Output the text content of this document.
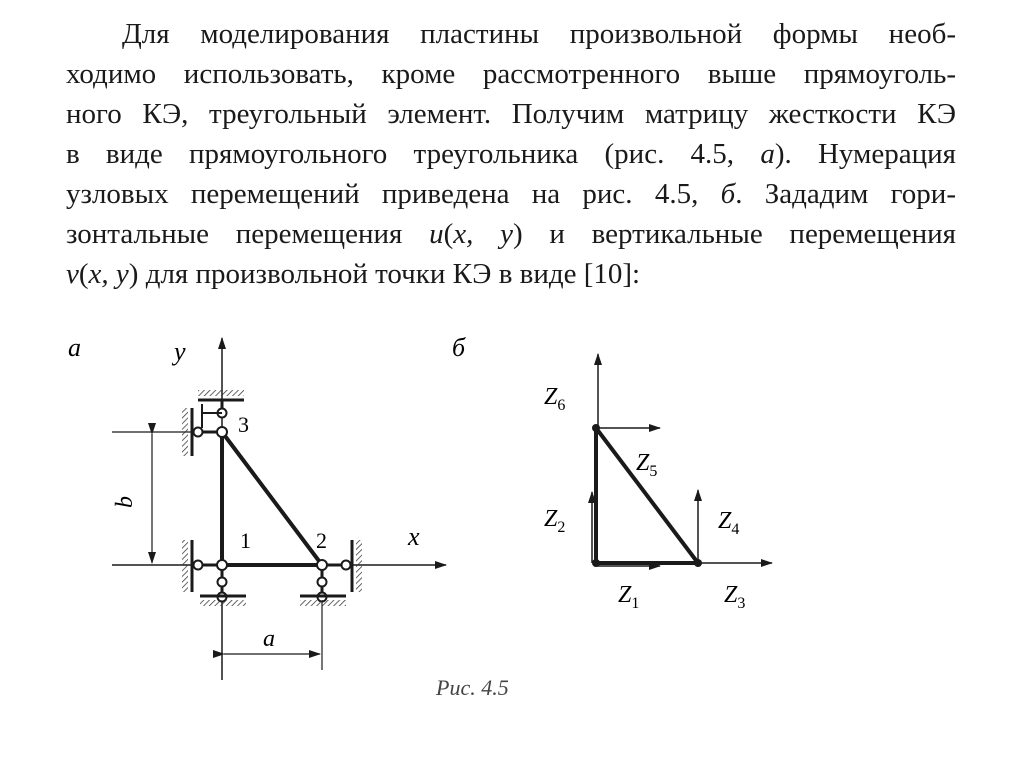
Для моделирования пластины произвольной формы необ-
ходимо использовать, кроме рассмотренного выше прямоуголь-
ного КЭ, треугольный элемент. Получим матрицу жесткости КЭ
в виде прямоугольного треугольника (рис. 4.5, а). Нумерация
узловых перемещений приведена на рис. 4.5, б. Зададим гори-
зонтальные перемещения u(x, y) и вертикальные перемещения
v(x, y) для произвольной точки КЭ в виде [10]:
а	б
y
x
b
a
3
1	2
$Z_6$
$Z_5$
$Z_2$
$Z_1$
$Z_4$
$Z_3$
Рис. 4.5
